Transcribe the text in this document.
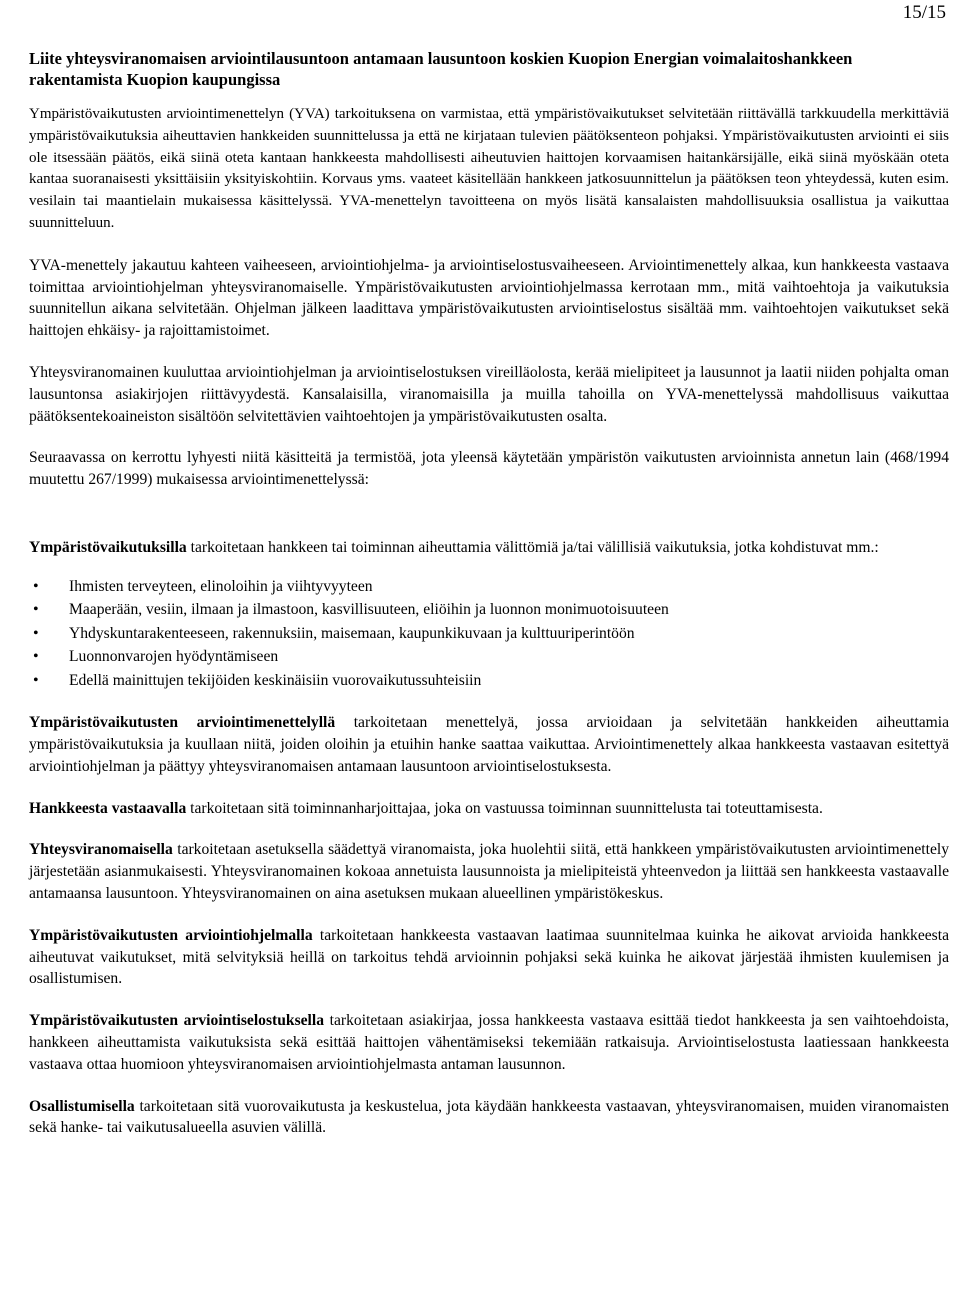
15/15
Liite yhteysviranomaisen arviointilausuntoon antamaan lausuntoon koskien Kuopion Energian voimalaitoshankkeen rakentamista Kuopion kaupungissa

Ympäristövaikutusten arviointimenettelyn (YVA) tarkoituksena on varmistaa, että ympäristövaikutukset selvitetään riittävällä tarkkuudella merkittäviä ympäristövaikutuksia aiheuttavien hankkeiden suunnittelussa ja että ne kirjataan tulevien päätöksenteon pohjaksi. Ympäristövaikutusten arviointi ei siis ole itsessään päätös, eikä siinä oteta kantaan hankkeesta mahdollisesti aiheutuvien haittojen korvaamisen haitankärsijälle, eikä siinä myöskään oteta kantaa suoranaisesti yksittäisiin yksityiskohtiin. Korvaus yms. vaateet käsitellään hankkeen jatkosuunnittelun ja päätöksen teon yhteydessä, kuten esim. vesilain tai maantielain mukaisessa käsittelyssä. YVA-menettelyn tavoitteena on myös lisätä kansalaisten mahdollisuuksia osallistua ja vaikuttaa suunnitteluun.

YVA-menettely jakautuu kahteen vaiheeseen, arviointiohjelma- ja arviointiselostusvaiheeseen. Arviointimenettely alkaa, kun hankkeesta vastaava toimittaa arviointiohjelman yhteysviranomaiselle. Ympäristövaikutusten arviointiohjelmassa kerrotaan mm., mitä vaihtoehtoja ja vaikutuksia suunnitellun aikana selvitetään. Ohjelman jälkeen laadittava ympäristövaikutusten arviointiselostus sisältää mm. vaihtoehtojen vaikutukset sekä haittojen ehkäisy- ja rajoittamistoimet.

Yhteysviranomainen kuuluttaa arviointiohjelman ja arviointiselostuksen vireilläolosta, kerää mielipiteet ja lausunnot ja laatii niiden pohjalta oman lausuntonsa asiakirjojen riittävyydestä. Kansalaisilla, viranomaisilla ja muilla tahoilla on YVA-menettelyssä mahdollisuus vaikuttaa päätöksentekoaineiston sisältöön selvitettävien vaihtoehtojen ja ympäristövaikutusten osalta.

Seuraavassa on kerrottu lyhyesti niitä käsitteitä ja termistöä, jota yleensä käytetään ympäristön vaikutusten arvioinnista annetun lain (468/1994 muutettu 267/1999) mukaisessa arviointimenettelyssä:

Ympäristövaikutuksilla tarkoitetaan hankkeen tai toiminnan aiheuttamia välittömiä ja/tai välillisiä vaikutuksia, jotka kohdistuvat mm.:

• Ihmisten terveyteen, elinoloihin ja viihtyvyyteen
• Maaperään, vesiin, ilmaan ja ilmastoon, kasvillisuuteen, eliöihin ja luonnon monimuotoisuuteen
• Yhdyskuntarakenteeseen, rakennuksiin, maisemaan, kaupunkikuvaan ja kulttuuriperintöön
• Luonnonvarojen hyödyntämiseen
• Edellä mainittujen tekijöiden keskinäisiin vuorovaikutussuhteisiin

Ympäristövaikutusten arviointimenettelyllä tarkoitetaan menettelyä, jossa arvioidaan ja selvitetään hankkeiden aiheuttamia ympäristövaikutuksia ja kuullaan niitä, joiden oloihin ja etuihin hanke saattaa vaikuttaa. Arviointimenettely alkaa hankkeesta vastaavan esitettyä arviointiohjelman ja päättyy yhteysviranomaisen antamaan lausuntoon arviointiselostuksesta.

Hankkeesta vastaavalla tarkoitetaan sitä toiminnanharjoittajaa, joka on vastuussa toiminnan suunnittelusta tai toteuttamisesta.

Yhteysviranomaisella tarkoitetaan asetuksella säädettyä viranomaista, joka huolehtii siitä, että hankkeen ympäristövaikutusten arviointimenettely järjestetään asianmukaisesti. Yhteysviranomainen kokoaa annetuista lausunnoista ja mielipiteistä yhteenvedon ja liittää sen hankkeesta vastaavalle antamaansa lausuntoon. Yhteysviranomainen on aina asetuksen mukaan alueellinen ympäristökeskus.

Ympäristövaikutusten arviointiohjelmalla tarkoitetaan hankkeesta vastaavan laatimaa suunnitelmaa kuinka he aikovat arvioida hankkeesta aiheutuvat vaikutukset, mitä selvityksiä heillä on tarkoitus tehdä arvioinnin pohjaksi sekä kuinka he aikovat järjestää ihmisten kuulemisen ja osallistumisen.

Ympäristövaikutusten arviointiselostuksella tarkoitetaan asiakirjaa, jossa hankkeesta vastaava esittää tiedot hankkeesta ja sen vaihtoehdoista, hankkeen aiheuttamista vaikutuksista sekä esittää haittojen vähentämiseksi tekemiään ratkaisuja. Arviointiselostusta laatiessaan hankkeesta vastaava ottaa huomioon yhteysviranomaisen arviointiohjelmasta antaman lausunnon.

Osallistumisella tarkoitetaan sitä vuorovaikutusta ja keskustelua, jota käydään hankkeesta vastaavan, yhteysviranomaisen, muiden viranomaisten sekä hanke- tai vaikutusalueella asuvien välillä.
